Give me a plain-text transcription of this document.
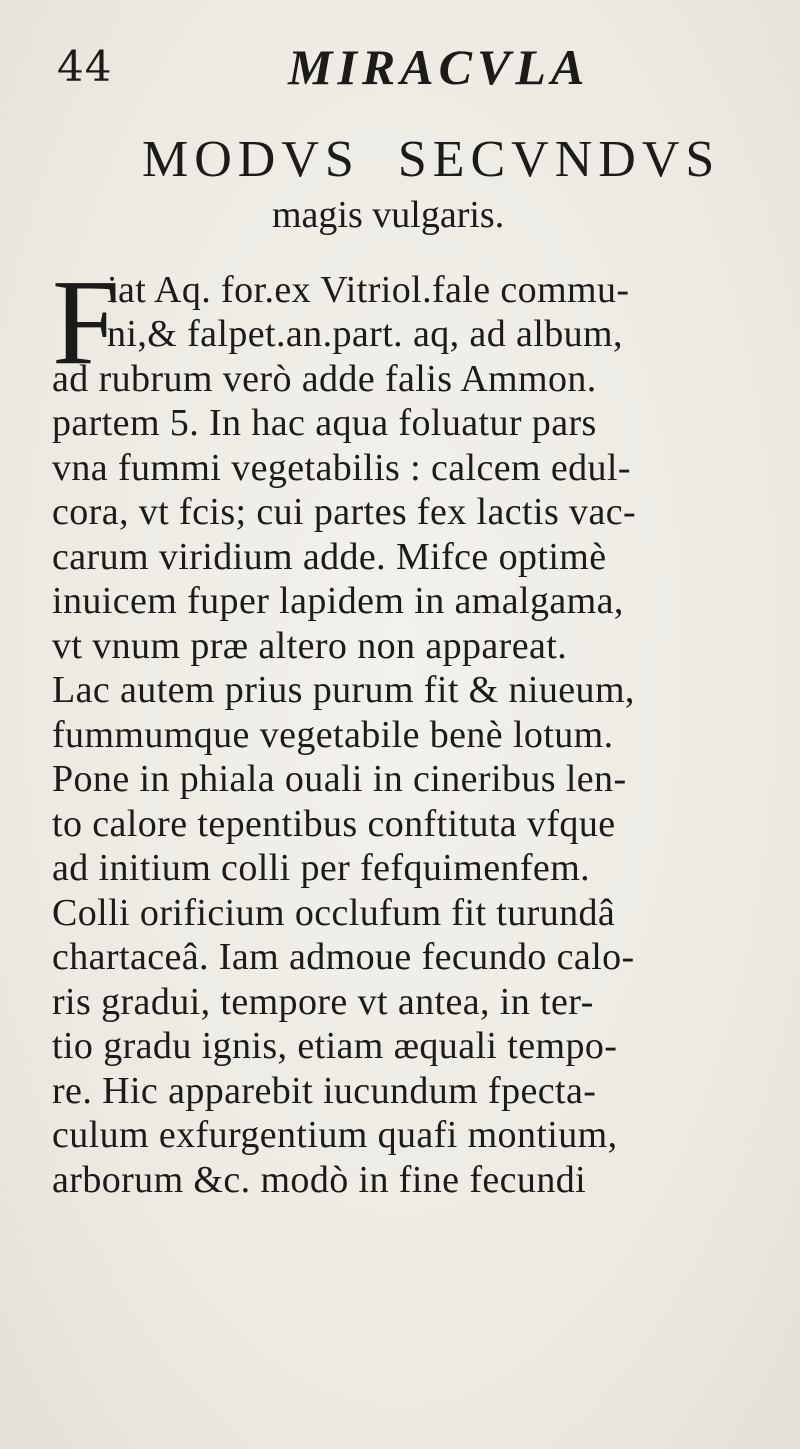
44	MIRACVLA
MODVS  SECVNDVS
magis vulgaris.
F
iat Aq. for.ex Vitriol.fale commu-
ni,& falpet.an.part. aq, ad album,
ad rubrum verò adde falis Ammon.
partem 5. In hac aqua foluatur pars
vna fummi vegetabilis : calcem edul-
cora, vt fcis; cui partes fex lactis vac-
carum viridium adde. Mifce optimè
inuicem fuper lapidem in amalgama,
vt vnum præ altero non appareat.
Lac autem prius purum fit & niueum,
fummumque vegetabile benè lotum.
Pone in phiala ouali in cineribus len-
to calore tepentibus conftituta vfque
ad initium colli per fefquimenfem.
Colli orificium occlufum fit turundâ
chartaceâ. Iam admoue fecundo calo-
ris gradui, tempore vt antea, in ter-
tio gradu ignis, etiam æquali tempo-
re. Hic apparebit iucundum fpecta-
culum exfurgentium quafi montium,
arborum &c. modò in fine fecundi
